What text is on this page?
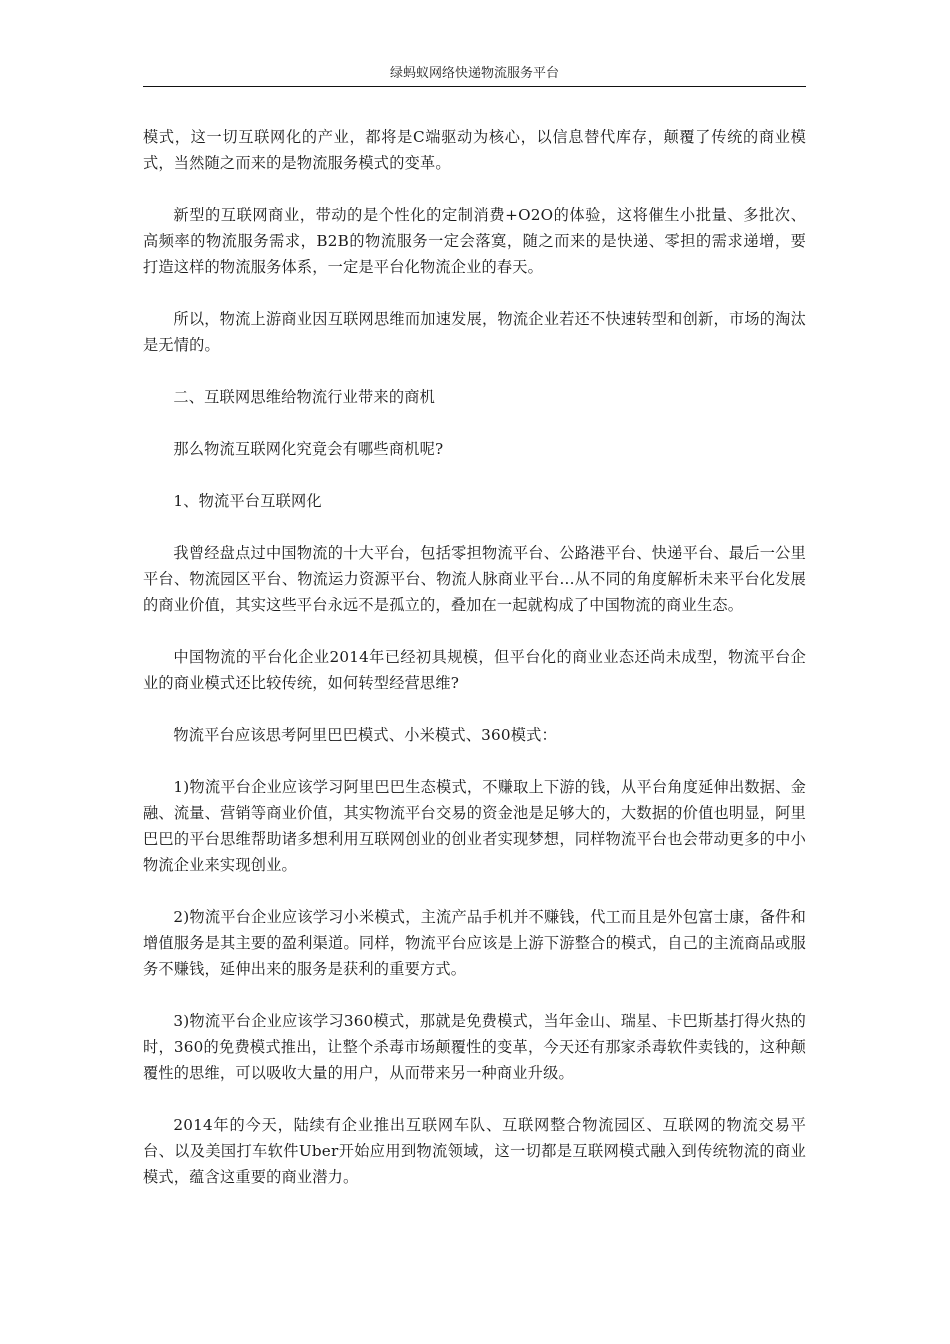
绿蚂蚁网络快递物流服务平台

模式，这一切互联网化的产业，都将是C端驱动为核心，以信息替代库存，颠覆了传统的商业模式，当然随之而来的是物流服务模式的变革。

新型的互联网商业，带动的是个性化的定制消费+O2O的体验，这将催生小批量、多批次、高频率的物流服务需求，B2B的物流服务一定会落寞，随之而来的是快递、零担的需求递增，要打造这样的物流服务体系，一定是平台化物流企业的春天。

所以，物流上游商业因互联网思维而加速发展，物流企业若还不快速转型和创新，市场的淘汰是无情的。

二、互联网思维给物流行业带来的商机

那么物流互联网化究竟会有哪些商机呢?

1、物流平台互联网化

我曾经盘点过中国物流的十大平台，包括零担物流平台、公路港平台、快递平台、最后一公里平台、物流园区平台、物流运力资源平台、物流人脉商业平台...从不同的角度解析未来平台化发展的商业价值，其实这些平台永远不是孤立的，叠加在一起就构成了中国物流的商业生态。

中国物流的平台化企业2014年已经初具规模，但平台化的商业业态还尚未成型，物流平台企业的商业模式还比较传统，如何转型经营思维?

物流平台应该思考阿里巴巴模式、小米模式、360模式：

1)物流平台企业应该学习阿里巴巴生态模式，不赚取上下游的钱，从平台角度延伸出数据、金融、流量、营销等商业价值，其实物流平台交易的资金池是足够大的，大数据的价值也明显，阿里巴巴的平台思维帮助诸多想利用互联网创业的创业者实现梦想，同样物流平台也会带动更多的中小物流企业来实现创业。

2)物流平台企业应该学习小米模式，主流产品手机并不赚钱，代工而且是外包富士康，备件和增值服务是其主要的盈利渠道。同样，物流平台应该是上游下游整合的模式，自己的主流商品或服务不赚钱，延伸出来的服务是获利的重要方式。

3)物流平台企业应该学习360模式，那就是免费模式，当年金山、瑞星、卡巴斯基打得火热的时，360的免费模式推出，让整个杀毒市场颠覆性的变革，今天还有那家杀毒软件卖钱的，这种颠覆性的思维，可以吸收大量的用户，从而带来另一种商业升级。

2014年的今天，陆续有企业推出互联网车队、互联网整合物流园区、互联网的物流交易平台、以及美国打车软件Uber开始应用到物流领域，这一切都是互联网模式融入到传统物流的商业模式，蕴含这重要的商业潜力。
